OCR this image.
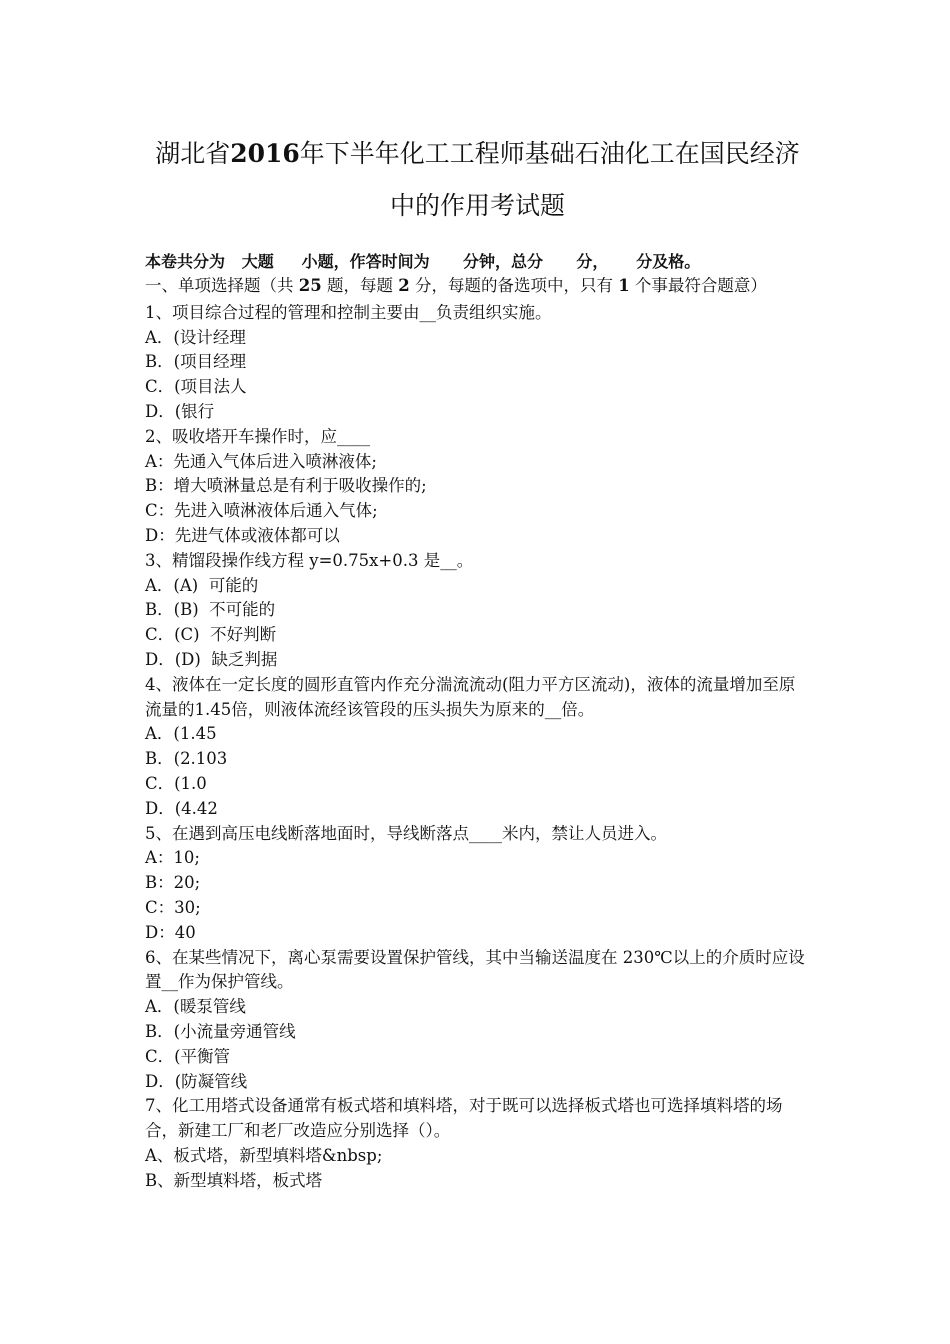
湖北省2016年下半年化工工程师基础石油化工在国民经济
中的作用考试题
本卷共分为   大题     小题，作答时间为      分钟，总分      分，     分及格。
一、单项选择题（共 25 题，每题 2 分，每题的备选项中，只有 1 个事最符合题意）
1、项目综合过程的管理和控制主要由__负责组织实施。
A．(设计经理
B．(项目经理
C．(项目法人
D．(银行
2、吸收塔开车操作时，应____
A：先通入气体后进入喷淋液体;
B：增大喷淋量总是有利于吸收操作的;
C：先进入喷淋液体后通入气体;
D：先进气体或液体都可以
3、精馏段操作线方程 y=0.75x+0.3 是__。
A．(A)  可能的
B．(B)  不可能的
C．(C)  不好判断
D．(D)  缺乏判据
4、液体在一定长度的圆形直管内作充分湍流流动(阻力平方区流动)，液体的流量增加至原流量的1.45倍，则液体流经该管段的压头损失为原来的__倍。
A．(1.45
B．(2.103
C．(1.0
D．(4.42
5、在遇到高压电线断落地面时，导线断落点____米内，禁让人员进入。
A：10;
B：20;
C：30;
D：40
6、在某些情况下，离心泵需要设置保护管线，其中当输送温度在 230℃以上的介质时应设置__作为保护管线。
A．(暖泵管线
B．(小流量旁通管线
C．(平衡管
D．(防凝管线
7、化工用塔式设备通常有板式塔和填料塔，对于既可以选择板式塔也可选择填料塔的场合，新建工厂和老厂改造应分别选择（）。
A、板式塔，新型填料塔&nbsp;
B、新型填料塔，板式塔
